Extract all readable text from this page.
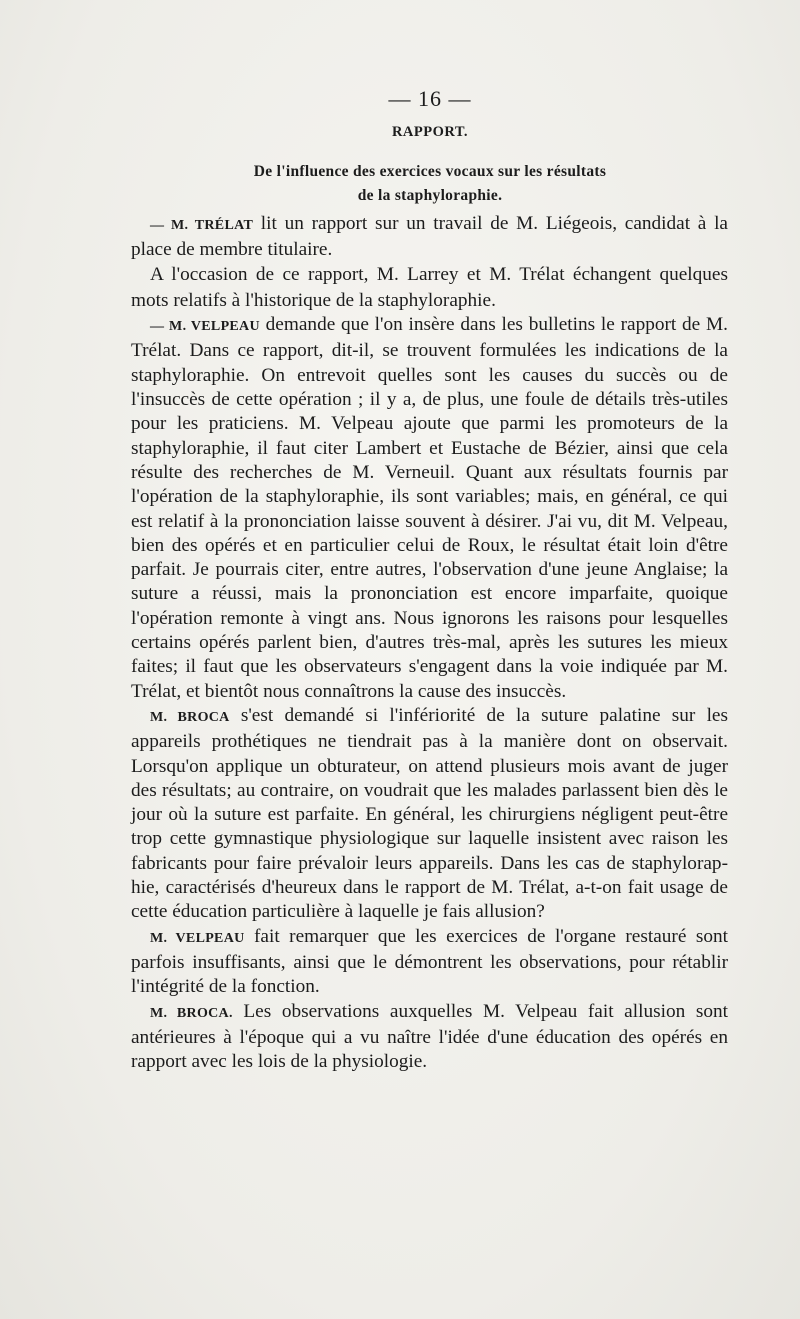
— 16 —
RAPPORT.
De l'influence des exercices vocaux sur les résultats
de la staphyloraphie.

— M. TRÉLAT lit un rapport sur un travail de M. Liégeois, candidat à la place de membre titulaire.

A l'occasion de ce rapport, M. Larrey et M. Trélat échangent quelques mots relatifs à l'historique de la staphyloraphie.

— M. VELPEAU demande que l'on insère dans les bulletins le rapport de M. Trélat. Dans ce rapport, dit-il, se trouvent formulées les indications de la staphyloraphie. On entrevoit quelles sont les causes du succès ou de l'insuccès de cette opération ; il y a, de plus, une foule de détails très-utiles pour les praticiens. M. Velpeau ajoute que parmi les promoteurs de la staphyloraphie, il faut citer Lambert et Eustache de Bézier, ainsi que cela résulte des recherches de M. Verneuil. Quant aux résultats fournis par l'opération de la staphyloraphie, ils sont variables; mais, en général, ce qui est relatif à la prononciation laisse souvent à désirer. J'ai vu, dit M. Velpeau, bien des opérés et en particulier celui de Roux, le résultat était loin d'être parfait. Je pourrais citer, entre autres, l'observation d'une jeune Anglaise; la suture a réussi, mais la prononciation est encore imparfaite, quoique l'opération remonte à vingt ans. Nous ignorons les raisons pour lesquelles certains opérés parlent bien, d'autres très-mal, après les sutures les mieux faites; il faut que les observateurs s'engagent dans la voie indiquée par M. Trélat, et bientôt nous connaîtrons la cause des insuccès.

M. BROCA s'est demandé si l'infériorité de la suture palatine sur les appareils prothétiques ne tiendrait pas à la manière dont on observait. Lorsqu'on applique un obturateur, on attend plusieurs mois avant de juger des résultats; au contraire, on voudrait que les malades parlassent bien dès le jour où la suture est parfaite. En général, les chirurgiens négligent peut-être trop cette gymnastique physiologique sur laquelle insistent avec raison les fabricants pour faire prévaloir leurs appareils. Dans les cas de staphyloraphie, caractérisés d'heureux dans le rapport de M. Trélat, a-t-on fait usage de cette éducation particulière à laquelle je fais allusion?

M. VELPEAU fait remarquer que les exercices de l'organe restauré sont parfois insuffisants, ainsi que le démontrent les observations, pour rétablir l'intégrité de la fonction.

M. BROCA. Les observations auxquelles M. Velpeau fait allusion sont antérieures à l'époque qui a vu naître l'idée d'une éducation des opérés en rapport avec les lois de la physiologie.
